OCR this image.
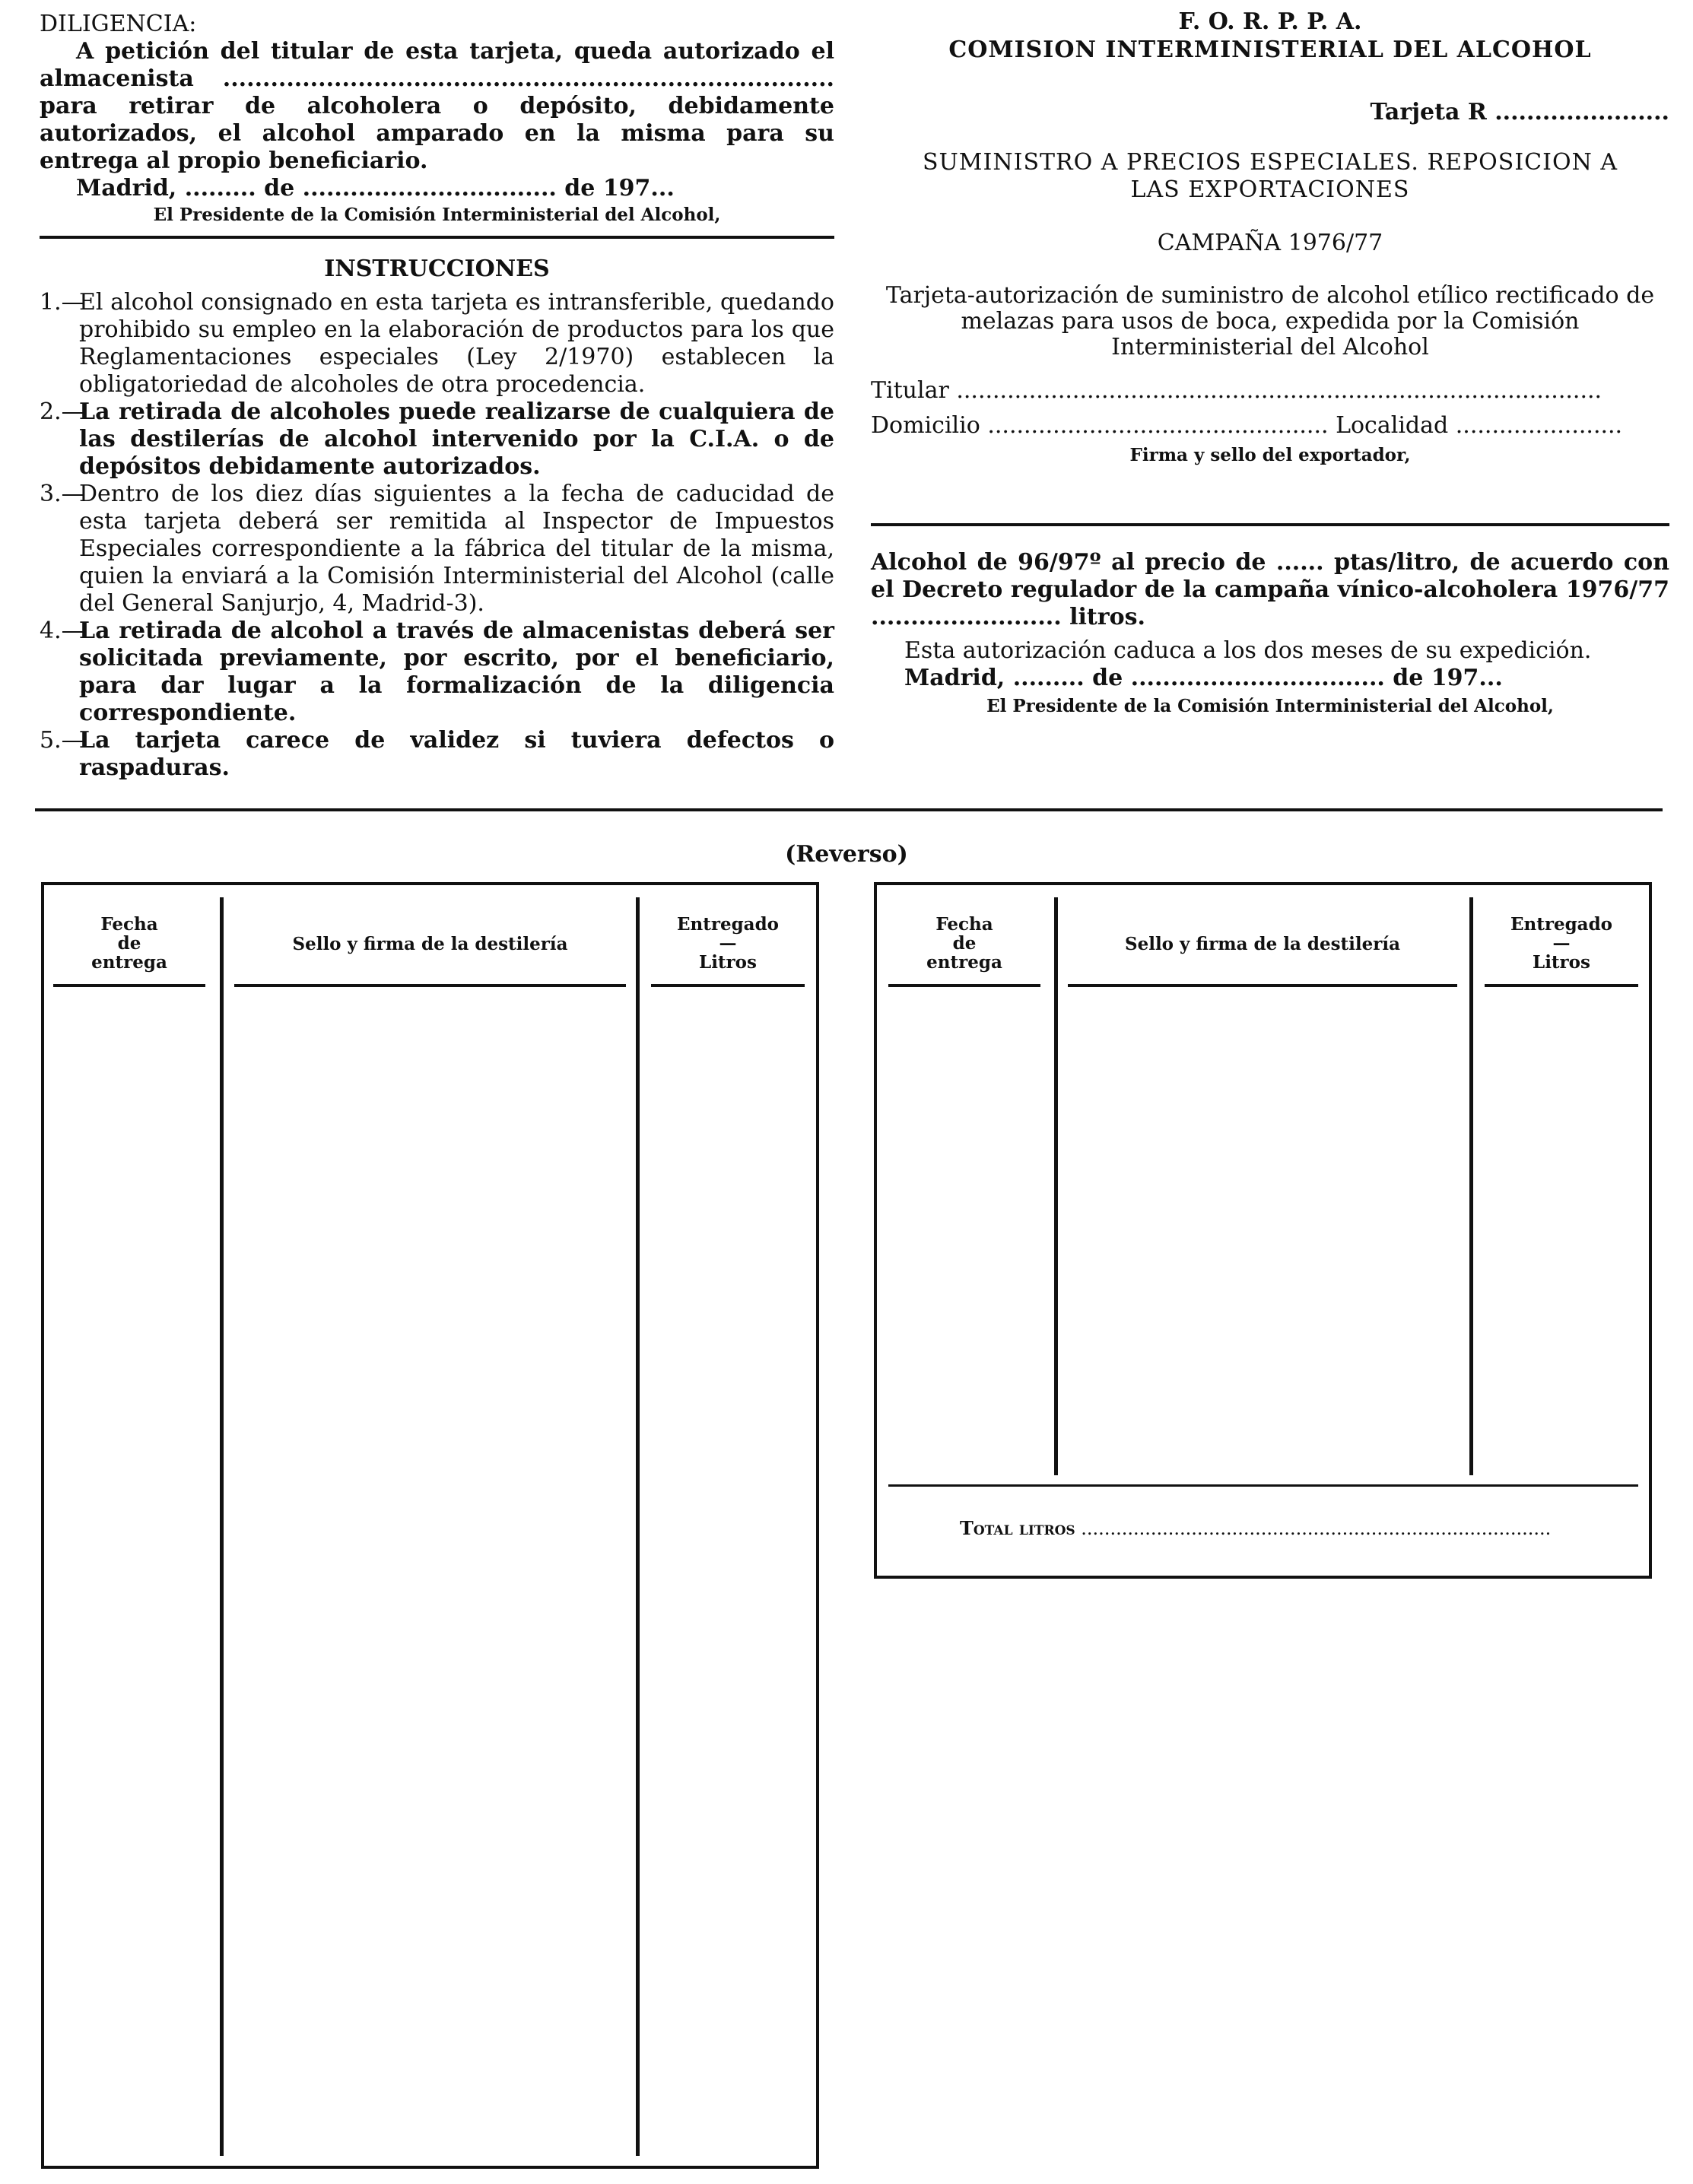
DILIGENCIA:
A petición del titular de esta tarjeta, queda autorizado el almacenista ............................................................................. para retirar de alcoholera o depósito, debidamente autorizados, el alcohol amparado en la misma para su entrega al propio beneficiario.
Madrid, ......... de ................................ de 197...
El Presidente de la Comisión Interministerial del Alcohol,
INSTRUCCIONES
1.—
El alcohol consignado en esta tarjeta es intransferible, quedando prohibido su empleo en la elaboración de productos para los que Reglamentaciones especiales (Ley 2/1970) establecen la obligatoriedad de alcoholes de otra procedencia.
2.—
La retirada de alcoholes puede realizarse de cualquiera de las destilerías de alcohol intervenido por la C.I.A. o de depósitos debidamente autorizados.
3.—
Dentro de los diez días siguientes a la fecha de caducidad de esta tarjeta deberá ser remitida al Inspector de Impuestos Especiales correspondiente a la fábrica del titular de la misma, quien la enviará a la Comisión Interministerial del Alcohol (calle del General Sanjurjo, 4, Madrid-3).
4.—
La retirada de alcohol a través de almacenistas deberá ser solicitada previamente, por escrito, por el beneficiario, para dar lugar a la formalización de la diligencia correspondiente.
5.—
La tarjeta carece de validez si tuviera defectos o raspaduras.
F. O. R. P. P. A.
COMISION INTERMINISTERIAL DEL ALCOHOL
Tarjeta R ......................
SUMINISTRO A PRECIOS ESPECIALES. REPOSICION A LAS EXPORTACIONES
CAMPAÑA 1976/77
Tarjeta-autorización de suministro de alcohol etílico rectificado de melazas para usos de boca, expedida por la Comisión Interministerial del Alcohol
Titular .........................................................................................
Domicilio ............................................... Localidad .......................
Firma y sello del exportador,
Alcohol de 96/97º al precio de ...... ptas/litro, de acuerdo con el Decreto regulador de la campaña vínico-alcoholera 1976/77 ........................ litros.
Esta autorización caduca a los dos meses de su expedición.
Madrid, ......... de ................................ de 197...
El Presidente de la Comisión Interministerial del Alcohol,
(Reverso)
Fecha
de
entrega
Sello y firma de la destilería
Entregado
—
Litros
Fecha
de
entrega
Sello y firma de la destilería
Entregado
—
Litros
Total litros .................................................................................
